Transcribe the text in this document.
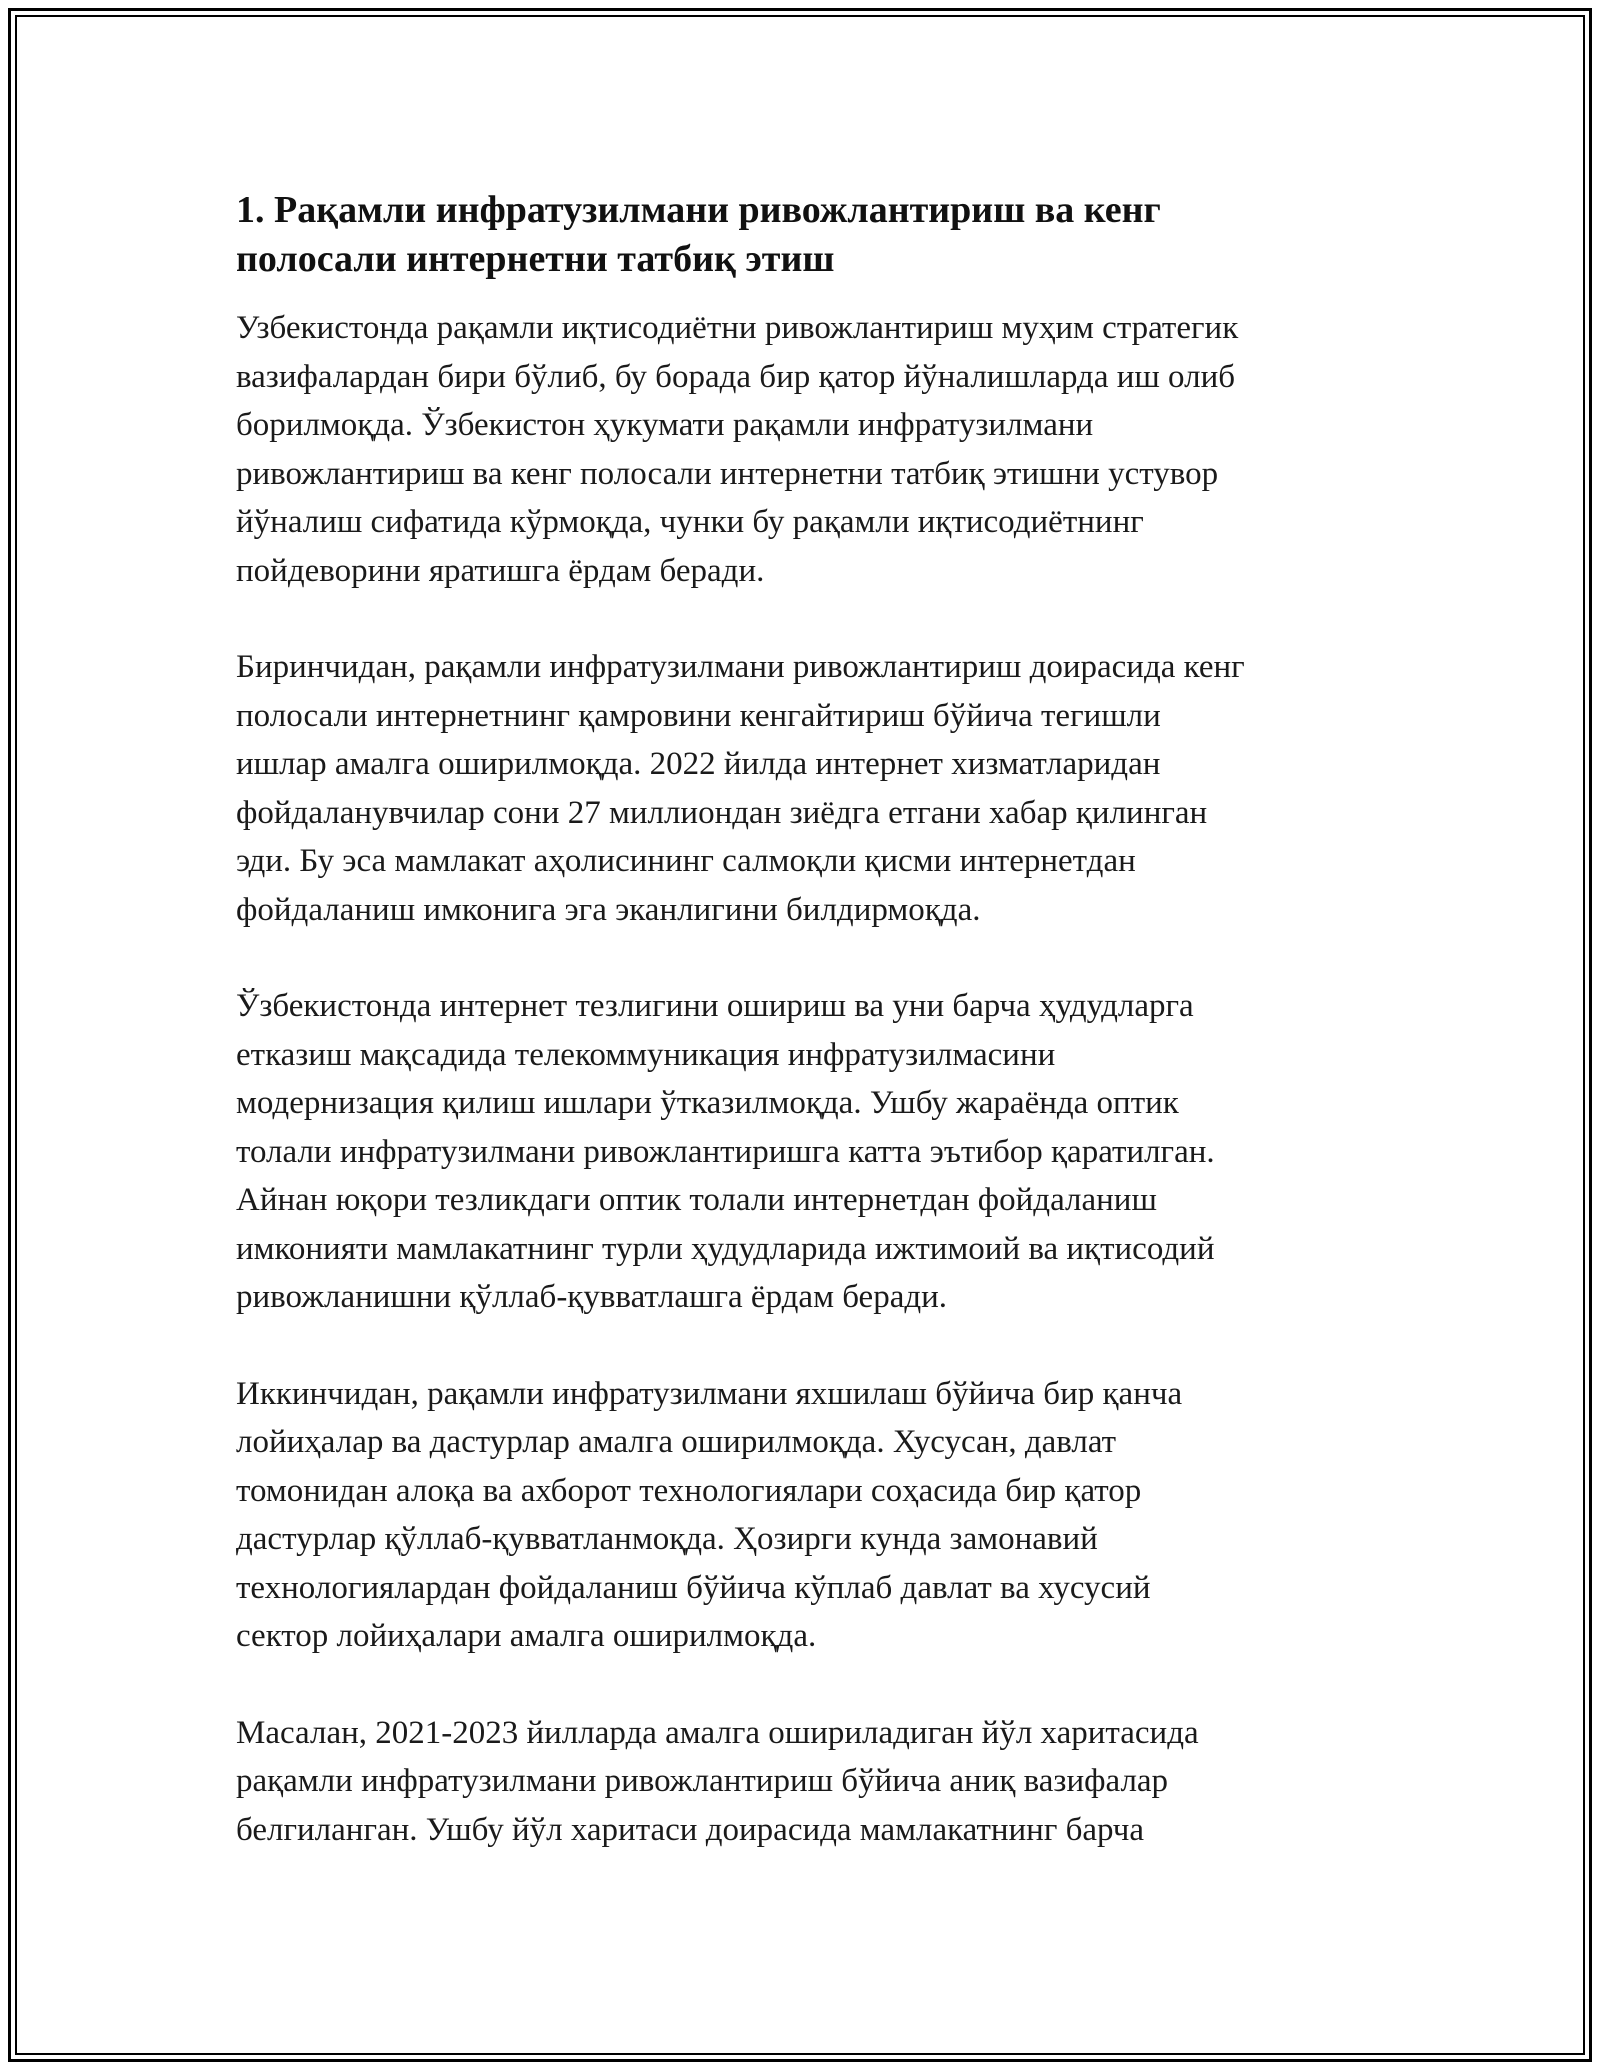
1. Рақамли инфратузилмани ривожлантириш ва кенг
полосали интернетни татбиқ этиш

Узбекистонда рақамли иқтисодиётни ривожлантириш муҳим стратегик
вазифалардан бири бўлиб, бу борада бир қатор йўналишларда иш олиб
борилмоқда. Ўзбекистон ҳукумати рақамли инфратузилмани
ривожлантириш ва кенг полосали интернетни татбиқ этишни устувор
йўналиш сифатида кўрмоқда, чунки бу рақамли иқтисодиётнинг
пойдеворини яратишга ёрдам беради.

Биринчидан, рақамли инфратузилмани ривожлантириш доирасида кенг
полосали интернетнинг қамровини кенгайтириш бўйича тегишли
ишлар амалга оширилмоқда. 2022 йилда интернет хизматларидан
фойдаланувчилар сони 27 миллиондан зиёдга етгани хабар қилинган
эди. Бу эса мамлакат аҳолисининг салмоқли қисми интернетдан
фойдаланиш имконига эга эканлигини билдирмоқда.

Ўзбекистонда интернет тезлигини ошириш ва уни барча ҳудудларга
етказиш мақсадида телекоммуникация инфратузилмасини
модернизация қилиш ишлари ўтказилмоқда. Ушбу жараёнда оптик
толали инфратузилмани ривожлантиришга катта эътибор қаратилган.
Айнан юқори тезликдаги оптик толали интернетдан фойдаланиш
имконияти мамлакатнинг турли ҳудудларида ижтимоий ва иқтисодий
ривожланишни қўллаб-қувватлашга ёрдам беради.

Иккинчидан, рақамли инфратузилмани яхшилаш бўйича бир қанча
лойиҳалар ва дастурлар амалга оширилмоқда. Хусусан, давлат
томонидан алоқа ва ахборот технологиялари соҳасида бир қатор
дастурлар қўллаб-қувватланмоқда. Ҳозирги кунда замонавий
технологиялардан фойдаланиш бўйича кўплаб давлат ва хусусий
сектор лойиҳалари амалга оширилмоқда.

Масалан, 2021-2023 йилларда амалга ошириладиган йўл харитасида
рақамли инфратузилмани ривожлантириш бўйича аниқ вазифалар
белгиланган. Ушбу йўл харитаси доирасида мамлакатнинг барча
